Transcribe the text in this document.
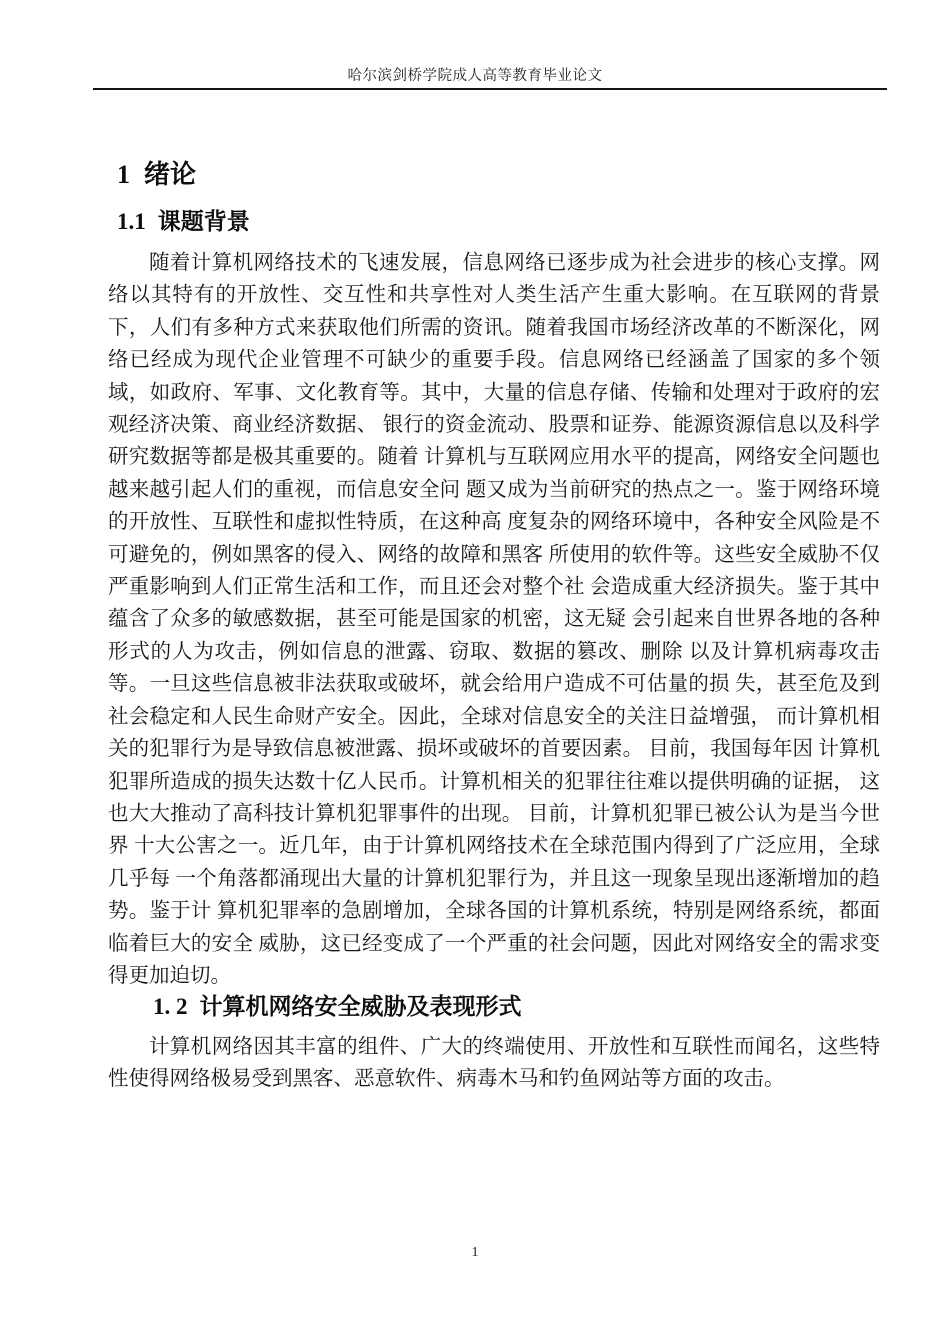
哈尔滨剑桥学院成人高等教育毕业论文
1 绪论
1.1 课题背景

随着计算机网络技术的飞速发展，信息网络已逐步成为社会进步的核心支撑。网络以其特有的开放性、交互性和共享性对人类生活产生重大影响。在互联网的背景下，人们有多种方式来获取他们所需的资讯。随着我国市场经济改革的不断深化，网络已经成为现代企业管理不可缺少的重要手段。信息网络已经涵盖了国家的多个领域，如政府、军事、文化教育等。其中，大量的信息存储、传输和处理对于政府的宏观经济决策、商业经济数据、 银行的资金流动、股票和证券、能源资源信息以及科学研究数据等都是极其重要的。随着 计算机与互联网应用水平的提高，网络安全问题也越来越引起人们的重视，而信息安全问 题又成为当前研究的热点之一。鉴于网络环境的开放性、互联性和虚拟性特质，在这种高 度复杂的网络环境中，各种安全风险是不可避免的，例如黑客的侵入、网络的故障和黑客 所使用的软件等。这些安全威胁不仅严重影响到人们正常生活和工作，而且还会对整个社 会造成重大经济损失。鉴于其中蕴含了众多的敏感数据，甚至可能是国家的机密，这无疑 会引起来自世界各地的各种形式的人为攻击，例如信息的泄露、窃取、数据的篡改、删除 以及计算机病毒攻击等。一旦这些信息被非法获取或破坏，就会给用户造成不可估量的损 失，甚至危及到社会稳定和人民生命财产安全。因此，全球对信息安全的关注日益增强， 而计算机相关的犯罪行为是导致信息被泄露、损坏或破坏的首要因素。 目前，我国每年因 计算机犯罪所造成的损失达数十亿人民币。计算机相关的犯罪往往难以提供明确的证据， 这也大大推动了高科技计算机犯罪事件的出现。 目前，计算机犯罪已被公认为是当今世界 十大公害之一。近几年，由于计算机网络技术在全球范围内得到了广泛应用，全球几乎每 一个角落都涌现出大量的计算机犯罪行为，并且这一现象呈现出逐渐增加的趋势。鉴于计 算机犯罪率的急剧增加，全球各国的计算机系统，特别是网络系统，都面临着巨大的安全 威胁，这已经变成了一个严重的社会问题，因此对网络安全的需求变得更加迫切。

1. 2 计算机网络安全威胁及表现形式

计算机网络因其丰富的组件、广大的终端使用、开放性和互联性而闻名，这些特性使得网络极易受到黑客、恶意软件、病毒木马和钓鱼网站等方面的攻击。

1
